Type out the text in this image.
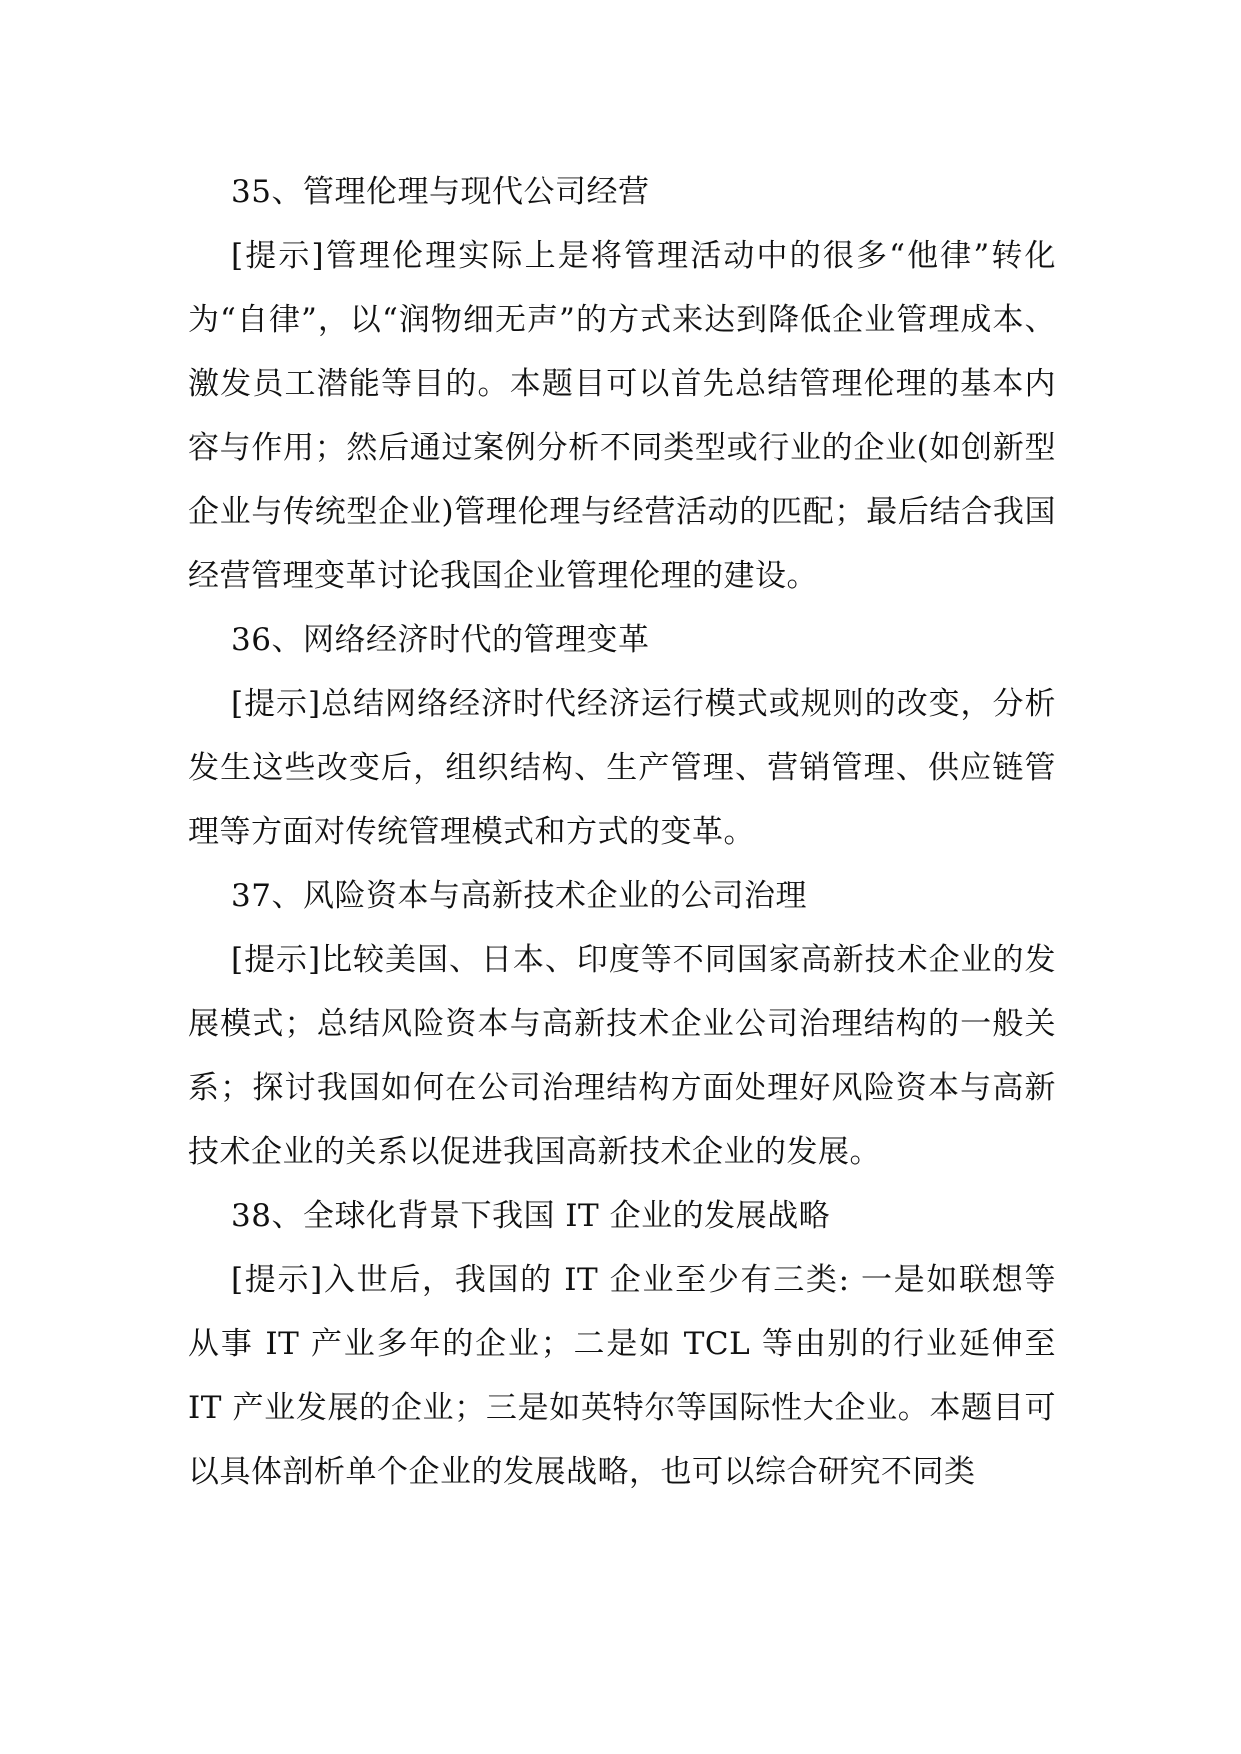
35、管理伦理与现代公司经营

[提示]管理伦理实际上是将管理活动中的很多“他律”转化为“自律”，以“润物细无声”的方式来达到降低企业管理成本、激发员工潜能等目的。本题目可以首先总结管理伦理的基本内容与作用；然后通过案例分析不同类型或行业的企业(如创新型企业与传统型企业)管理伦理与经营活动的匹配；最后结合我国经营管理变革讨论我国企业管理伦理的建设。

36、网络经济时代的管理变革

[提示]总结网络经济时代经济运行模式或规则的改变，分析发生这些改变后，组织结构、生产管理、营销管理、供应链管理等方面对传统管理模式和方式的变革。

37、风险资本与高新技术企业的公司治理

[提示]比较美国、日本、印度等不同国家高新技术企业的发展模式；总结风险资本与高新技术企业公司治理结构的一般关系；探讨我国如何在公司治理结构方面处理好风险资本与高新技术企业的关系以促进我国高新技术企业的发展。

38、全球化背景下我国 IT 企业的发展战略

[提示]入世后，我国的 IT 企业至少有三类: 一是如联想等从事 IT 产业多年的企业；二是如 TCL 等由别的行业延伸至 IT 产业发展的企业；三是如英特尔等国际性大企业。本题目可以具体剖析单个企业的发展战略，也可以综合研究不同类
